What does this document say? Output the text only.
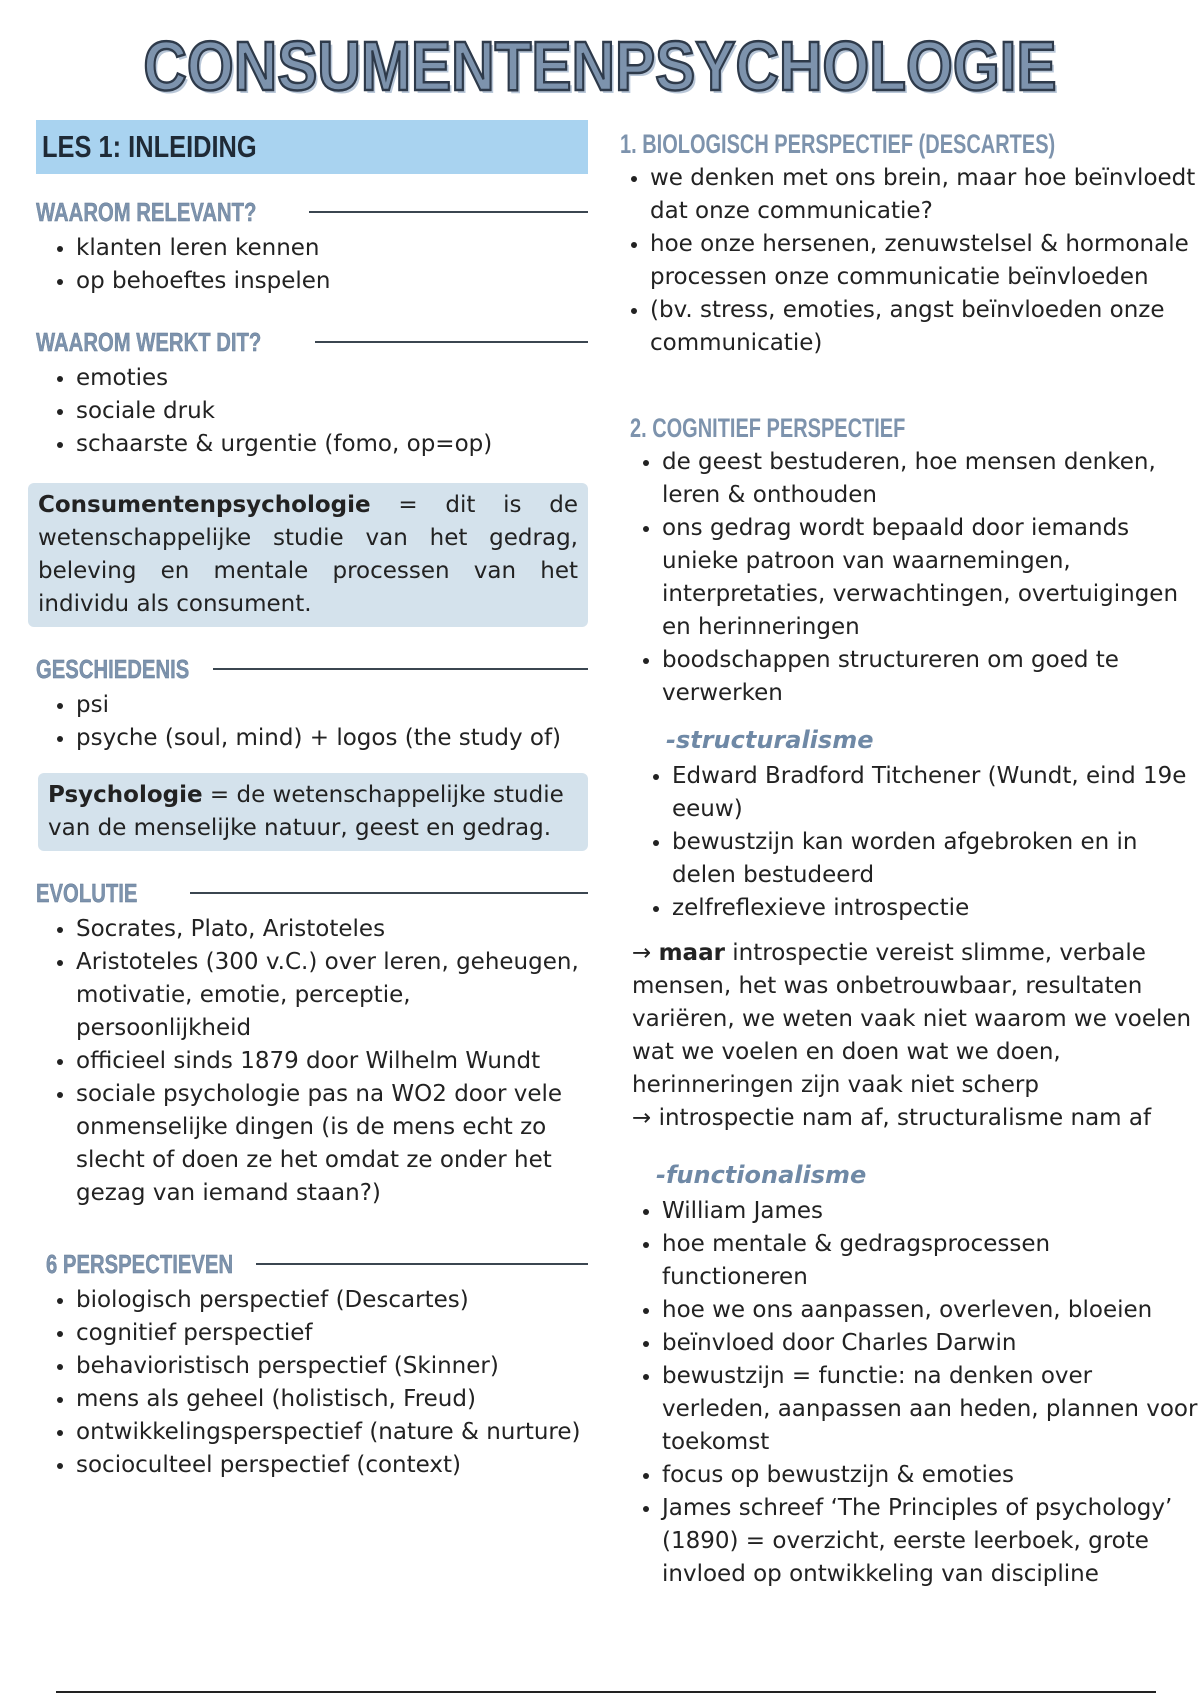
CONSUMENTENPSYCHOLOGIE
LES 1: INLEIDING
WAAROM RELEVANT?
• klanten leren kennen
• op behoeftes inspelen
WAAROM WERKT DIT?
• emoties
• sociale druk
• schaarste & urgentie (fomo, op=op)
Consumentenpsychologie = dit is de wetenschappelijke studie van het gedrag, beleving en mentale processen van het individu als consument.
GESCHIEDENIS
• psi
• psyche (soul, mind) + logos (the study of)
Psychologie = de wetenschappelijke studie van de menselijke natuur, geest en gedrag.
EVOLUTIE
• Socrates, Plato, Aristoteles
• Aristoteles (300 v.C.) over leren, geheugen, motivatie, emotie, perceptie, persoonlijkheid
• officieel sinds 1879 door Wilhelm Wundt
• sociale psychologie pas na WO2 door vele onmenselijke dingen (is de mens echt zo slecht of doen ze het omdat ze onder het gezag van iemand staan?)
6 PERSPECTIEVEN
• biologisch perspectief (Descartes)
• cognitief perspectief
• behavioristisch perspectief (Skinner)
• mens als geheel (holistisch, Freud)
• ontwikkelingsperspectief (nature & nurture)
• socioculteel perspectief (context)
1. BIOLOGISCH PERSPECTIEF (DESCARTES)
• we denken met ons brein, maar hoe beïnvloedt dat onze communicatie?
• hoe onze hersenen, zenuwstelsel & hormonale processen onze communicatie beïnvloeden
• (bv. stress, emoties, angst beïnvloeden onze communicatie)
2. COGNITIEF PERSPECTIEF
• de geest bestuderen, hoe mensen denken, leren & onthouden
• ons gedrag wordt bepaald door iemands unieke patroon van waarnemingen, interpretaties, verwachtingen, overtuigingen en herinneringen
• boodschappen structureren om goed te verwerken
-structuralisme
• Edward Bradford Titchener (Wundt, eind 19e eeuw)
• bewustzijn kan worden afgebroken en in delen bestudeerd
• zelfreflexieve introspectie

→ maar introspectie vereist slimme, verbale mensen, het was onbetrouwbaar, resultaten variëren, we weten vaak niet waarom we voelen wat we voelen en doen wat we doen, herinneringen zijn vaak niet scherp

→ introspectie nam af, structuralisme nam af

-functionalisme
• William James
• hoe mentale & gedragsprocessen functioneren
• hoe we ons aanpassen, overleven, bloeien
• beïnvloed door Charles Darwin
• bewustzijn = functie: na denken over verleden, aanpassen aan heden, plannen voor toekomst
• focus op bewustzijn & emoties
• James schreef ‘The Principles of psychology’ (1890) = overzicht, eerste leerboek, grote invloed op ontwikkeling van discipline
